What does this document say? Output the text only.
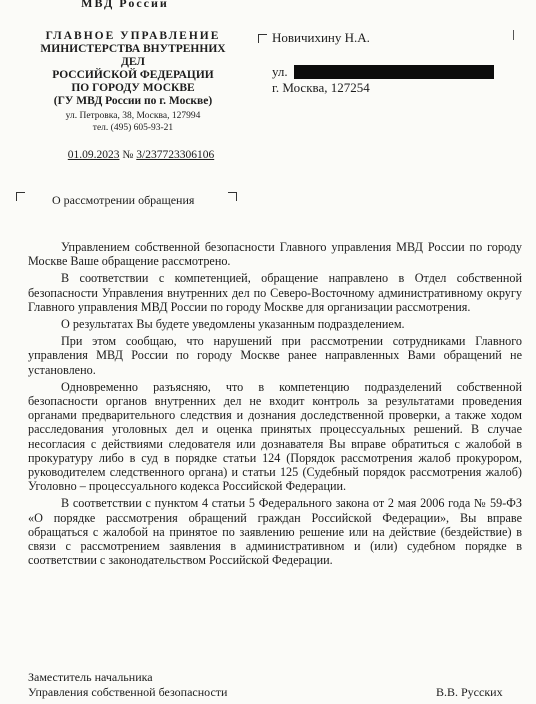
МВД России
ГЛАВНОЕ УПРАВЛЕНИЕ
МИНИСТЕРСТВА ВНУТРЕННИХ ДЕЛ
РОССИЙСКОЙ ФЕДЕРАЦИИ
ПО ГОРОДУ МОСКВЕ
(ГУ МВД России по г. Москве)
ул. Петровка, 38, Москва, 127994
тел. (495) 605-93-21
01.09.2023 № 3/237723306106
Новичихину Н.А.
ул.
г. Москва, 127254
О рассмотрении обращения

Управлением собственной безопасности Главного управления МВД России по городу Москве Ваше обращение рассмотрено.

В соответствии с компетенцией, обращение направлено в Отдел собственной безопасности Управления внутренних дел по Северо-Восточному административному округу Главного управления МВД России по городу Москве для организации рассмотрения.

О результатах Вы будете уведомлены указанным подразделением.

При этом сообщаю, что нарушений при рассмотрении сотрудниками Главного управления МВД России по городу Москве ранее направленных Вами обращений не установлено.

Одновременно разъясняю, что в компетенцию подразделений собственной безопасности органов внутренних дел не входит контроль за результатами проведения органами предварительного следствия и дознания доследственной проверки, а также ходом расследования уголовных дел и оценка принятых процессуальных решений. В случае несогласия с действиями следователя или дознавателя Вы вправе обратиться с жалобой в прокуратуру либо в суд в порядке статьи 124 (Порядок рассмотрения жалоб прокурором, руководителем следственного органа) и статьи 125 (Судебный порядок рассмотрения жалоб) Уголовно – процессуального кодекса Российской Федерации.

В соответствии с пунктом 4 статьи 5 Федерального закона от 2 мая 2006 года № 59-ФЗ «О порядке рассмотрения обращений граждан Российской Федерации», Вы вправе обращаться с жалобой на принятое по заявлению решение или на действие (бездействие) в связи с рассмотрением заявления в административном и (или) судебном порядке в соответствии с законодательством Российской Федерации.

Заместитель начальника
Управления собственной безопасности	В.В. Русских
